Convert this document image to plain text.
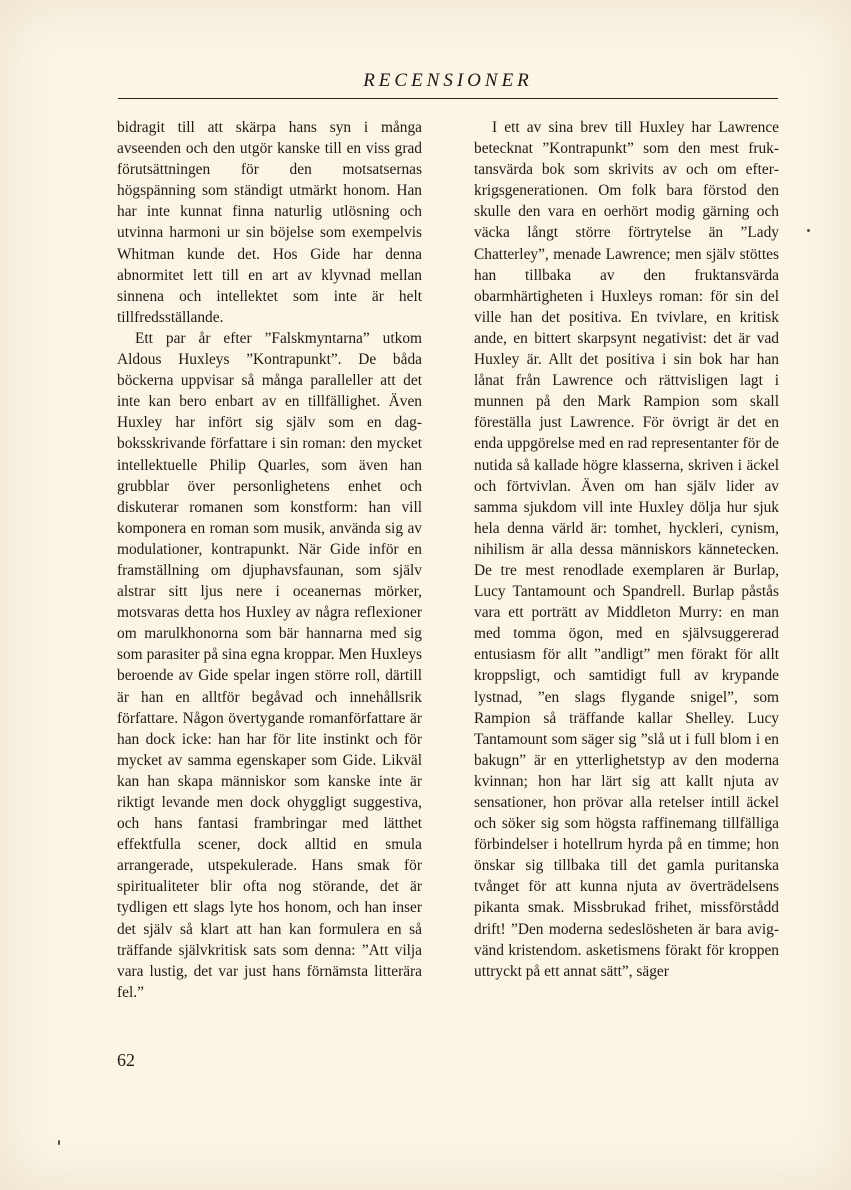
RECENSIONER

bidragit till att skärpa hans syn i många avseenden och den utgör kanske till en viss grad förutsättningen för den motsatsernas högspänning som ständigt utmärkt honom. Han har inte kunnat finna naturlig utlösning och utvinna harmoni ur sin böjelse som exempelvis Whitman kunde det. Hos Gide har denna abnormitet lett till en art av klyvnad mellan sinnena och intellektet som inte är helt tillfredsställande.

Ett par år efter ”Falskmyntarna” utkom Aldous Huxleys ”Kontrapunkt”. De båda böckerna uppvisar så många paralleller att det inte kan bero enbart av en tillfällighet. Även Huxley har infört sig själv som en dagboksskrivande författare i sin roman: den mycket intellektuelle Philip Quarles, som även han grubblar över personlighetens enhet och diskuterar romanen som konstform: han vill komponera en roman som musik, använda sig av modulationer, kontrapunkt. När Gide inför en framställning om djuphavsfaunan, som själv alstrar sitt ljus nere i oceanernas mörker, motsvaras detta hos Huxley av några reflexioner om marulkhonorna som bär hannarna med sig som parasiter på sina egna kroppar. Men Huxleys beroende av Gide spelar ingen större roll, därtill är han en alltför begåvad och innehållsrik författare. Någon övertygande romanförfattare är han dock icke: han har för lite instinkt och för mycket av samma egenskaper som Gide. Likväl kan han skapa människor som kanske inte är riktigt levande men dock ohyggligt suggestiva, och hans fantasi frambringar med lätthet effektfulla scener, dock alltid en smula arrangerade, utspekulerade. Hans smak för spiritualiteter blir ofta nog störande, det är tydligen ett slags lyte hos honom, och han inser det själv så klart att han kan formulera en så träffande självkritisk sats som denna: ”Att vilja vara lustig, det var just hans förnämsta litterära fel.”

I ett av sina brev till Huxley har Lawrence betecknat ”Kontrapunkt” som den mest fruktansvärda bok som skrivits av och om efterkrigsgenerationen. Om folk bara förstod den skulle den vara en oerhört modig gärning och väcka långt större förtrytelse än ”Lady Chatterley”, menade Lawrence; men själv stöttes han tillbaka av den fruktansvärda obarmhärtigheten i Huxleys roman: för sin del ville han det positiva. En tvivlare, en kritisk ande, en bittert skarpsynt negativist: det är vad Huxley är. Allt det positiva i sin bok har han lånat från Lawrence och rättvisligen lagt i munnen på den Mark Rampion som skall föreställa just Lawrence. För övrigt är det en enda uppgörelse med en rad representanter för de nutida så kallade högre klasserna, skriven i äckel och förtvivlan. Även om han själv lider av samma sjukdom vill inte Huxley dölja hur sjuk hela denna värld är: tomhet, hyckleri, cynism, nihilism är alla dessa människors kännetecken. De tre mest renodlade exemplaren är Burlap, Lucy Tantamount och Spandrell. Burlap påstås vara ett porträtt av Middleton Murry: en man med tomma ögon, med en självsuggererad entusiasm för allt ”andligt” men förakt för allt kroppsligt, och samtidigt full av krypande lystnad, ”en slags flygande snigel”, som Rampion så träffande kallar Shelley. Lucy Tantamount som säger sig ”slå ut i full blom i en bakugn” är en ytterlighetstyp av den moderna kvinnan; hon har lärt sig att kallt njuta av sensationer, hon prövar alla retelser intill äckel och söker sig som högsta raffinemang tillfälliga förbindelser i hotellrum hyrda på en timme; hon önskar sig tillbaka till det gamla puritanska tvånget för att kunna njuta av överträdelsens pikanta smak. Missbrukad frihet, missförstådd drift! ”Den moderna sedeslösheten är bara avigvänd kristendom. asketismens förakt för kroppen uttryckt på ett annat sätt”, säger

62
